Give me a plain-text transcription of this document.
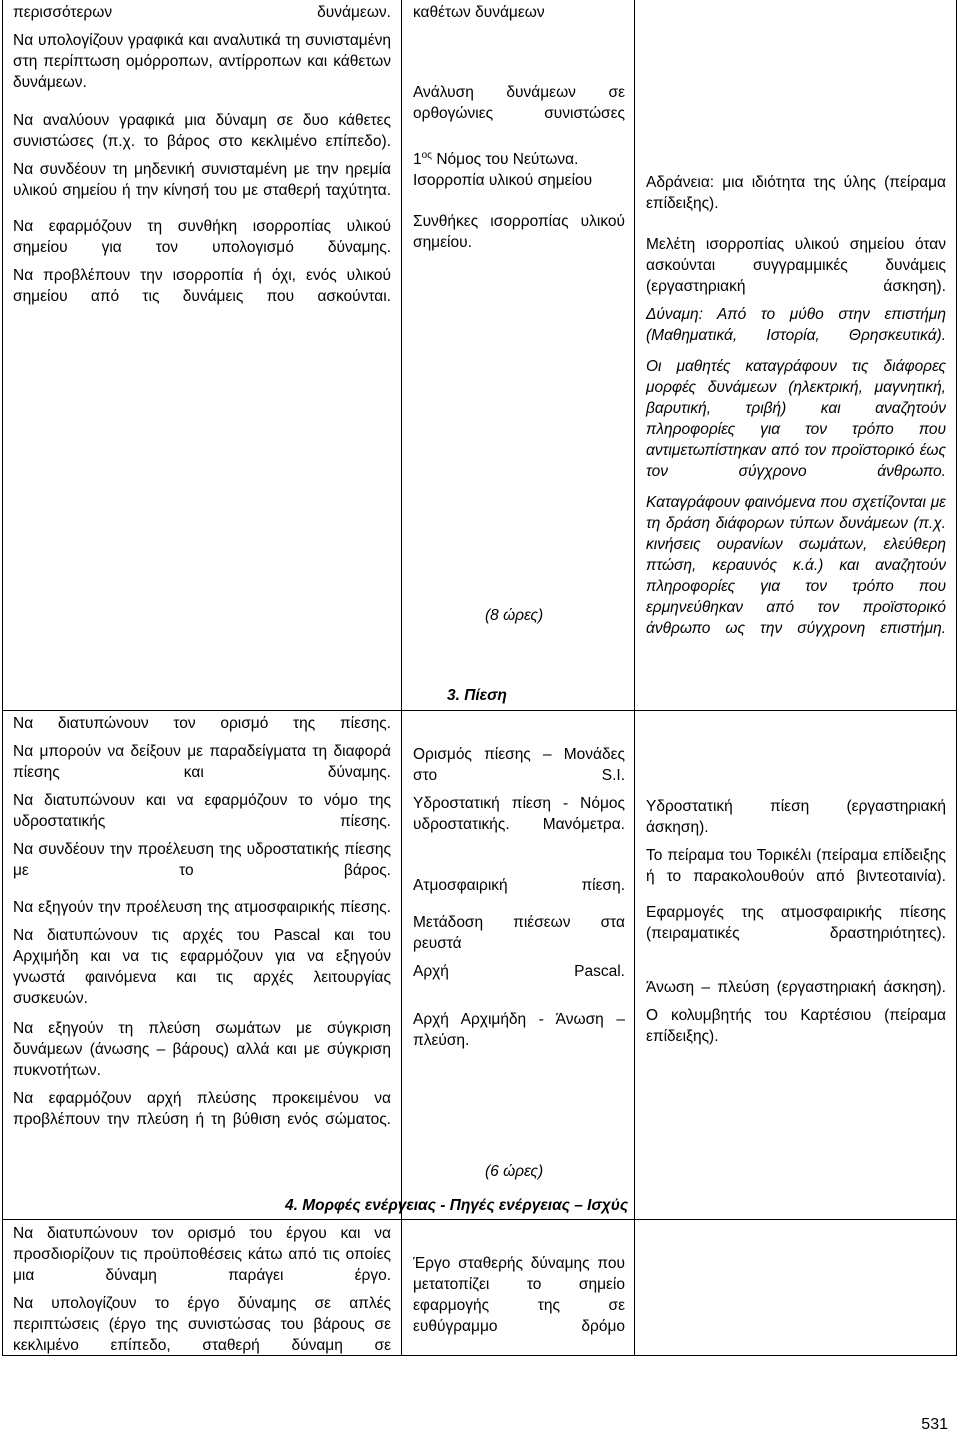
περισσότερων δυνάμεων.

Να υπολογίζουν γραφικά και αναλυτικά τη συνισταμένη στη περίπτωση ομόρροπων, αντίρροπων και κάθετων δυνάμεων.

Να αναλύουν γραφικά μια δύναμη σε δυο κάθετες συνιστώσες (π.χ. το βάρος στο κεκλιμένο επίπεδο).

Να συνδέουν τη μηδενική συνισταμένη με την ηρεμία υλικού σημείου ή την κίνησή του με σταθερή ταχύτητα.

Να εφαρμόζουν τη συνθήκη ισορροπίας υλικού σημείου για τον υπολογισμό δύναμης.

Να προβλέπουν την ισορροπία ή όχι, ενός υλικού σημείου από τις δυνάμεις που ασκούνται.

καθέτων δυνάμεων

Ανάλυση δυνάμεων σε ορθογώνιες συνιστώσες

$1^{o\varsigma}$ Νόμος του Νεύτωνα.

Ισορροπία υλικού σημείου

Συνθήκες ισορροπίας υλικού σημείου.

(8 ώρες)

Αδράνεια: μια ιδιότητα της ύλης (πείραμα επίδειξης).

Μελέτη ισορροπίας υλικού σημείου όταν ασκούνται συγγραμμικές δυνάμεις (εργαστηριακή άσκηση).

Δύναμη: Από το μύθο στην επιστήμη (Μαθηματικά, Ιστορία, Θρησκευτικά).

Οι μαθητές καταγράφουν τις διάφορες μορφές δυνάμεων (ηλεκτρική, μαγνητική, βαρυτική, τριβή) και αναζητούν πληροφορίες για τον τρόπο που αντιμετωπίστηκαν από τον προϊστορικό έως τον σύγχρονο άνθρωπο.

Καταγράφουν φαινόμενα που σχετίζονται με τη δράση διάφορων τύπων δυνάμεων (π.χ. κινήσεις ουρανίων σωμάτων, ελεύθερη πτώση, κεραυνός κ.ά.) και αναζητούν πληροφορίες για τον τρόπο που ερμηνεύθηκαν από τον προϊστορικό άνθρωπο ως την σύγχρονη επιστήμη.

3. Πίεση

Να διατυπώνουν τον ορισμό της πίεσης.

Να μπορούν να δείξουν με παραδείγματα τη διαφορά πίεσης και δύναμης.

Να διατυπώνουν και να εφαρμόζουν το νόμο της υδροστατικής πίεσης.

Να συνδέουν την προέλευση της υδροστατικής πίεσης με το βάρος.

Να εξηγούν την προέλευση της ατμοσφαιρικής πίεσης.

Να διατυπώνουν τις αρχές του Pascal και του Αρχιμήδη και να τις εφαρμόζουν για να εξηγούν γνωστά φαινόμενα και τις αρχές λειτουργίας συσκευών.

Να εξηγούν τη πλεύση σωμάτων με σύγκριση δυνάμεων (άνωσης – βάρους) αλλά και με σύγκριση πυκνοτήτων.

Να εφαρμόζουν αρχή πλεύσης προκειμένου να προβλέπουν την πλεύση ή τη βύθιση ενός σώματος.

Ορισμός πίεσης – Μονάδες στο S.I.

Υδροστατική πίεση - Νόμος υδροστατικής. Μανόμετρα.

Ατμοσφαιρική πίεση.

Μετάδοση πιέσεων στα ρευστά

Αρχή Pascal.

Αρχή Αρχιμήδη - Άνωση – πλεύση.

(6 ώρες)

Υδροστατική πίεση (εργαστηριακή άσκηση).

Το πείραμα του Τορικέλι (πείραμα επίδειξης ή το παρακολουθούν από βιντεοταινία).

Εφαρμογές της ατμοσφαιρικής πίεσης (πειραματικές δραστηριότητες).

Άνωση – πλεύση (εργαστηριακή άσκηση).

Ο κολυμβητής του Καρτέσιου (πείραμα επίδειξης).

4. Μορφές ενέργειας - Πηγές ενέργειας – Ισχύς

Να διατυπώνουν τον ορισμό του έργου και να προσδιορίζουν τις προϋποθέσεις κάτω από τις οποίες μια δύναμη παράγει έργο.

Να υπολογίζουν το έργο δύναμης σε απλές περιπτώσεις (έργο της συνιστώσας του βάρους σε κεκλιμένο επίπεδο, σταθερή δύναμη σε

Έργο σταθερής δύναμης που μετατοπίζει το σημείο εφαρμογής της σε ευθύγραμμο δρόμο
531
